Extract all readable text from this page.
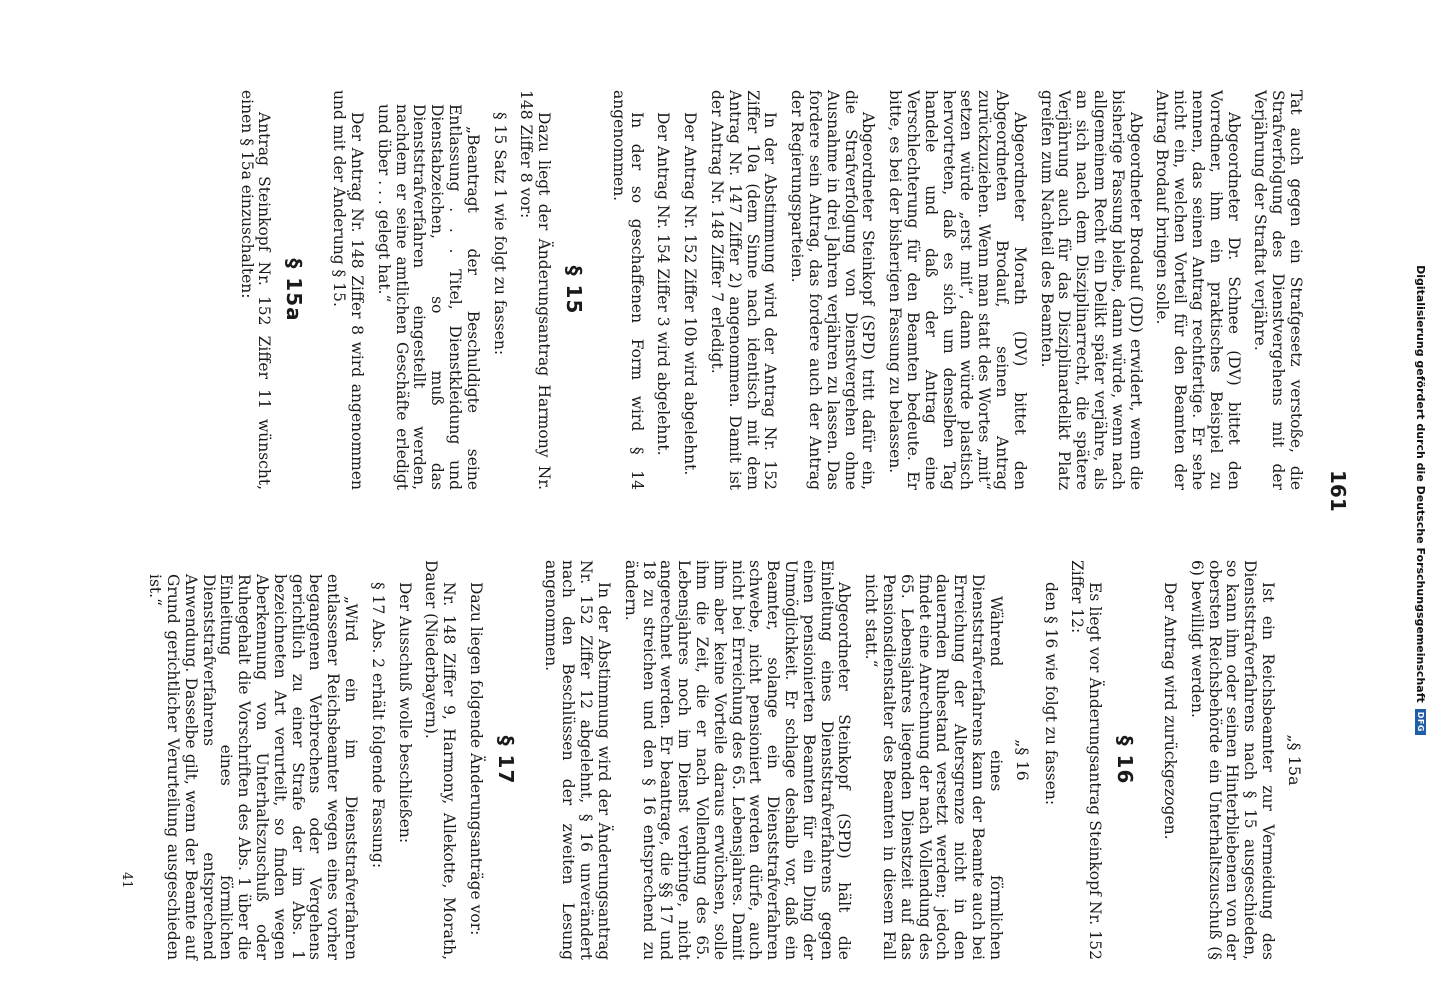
161

Tat auch gegen ein Strafgesetz verstoße, die Strafverfolgung des Dienstvergehens mit der Verjährung der Straftat verjähre.

Abgeordneter Dr. Schnee (DV) bittet den Vorredner, ihm ein praktisches Beispiel zu nennen, das seinen Antrag rechtfertige. Er sehe nicht ein, welchen Vorteil für den Beamten der Antrag Brodauf bringen solle.

Abgeordneter Brodauf (DD) erwidert, wenn die bisherige Fassung bleibe, dann würde, wenn nach allgemeinem Recht ein Delikt später verjähre, als an sich nach dem Disziplinarrecht, die spätere Verjährung auch für das Disziplinardelikt Platz greifen zum Nachteil des Beamten.

Abgeordneter Morath (DV) bittet den Abgeordneten Brodauf, seinen Antrag zurückzuziehen. Wenn man statt des Wortes „mit“ setzen würde „erst mit“, dann würde plastisch hervortreten, daß es sich um denselben Tag handele und daß der Antrag eine Verschlechterung für den Beamten bedeute. Er bitte, es bei der bisherigen Fassung zu belassen.

Abgeordneter Steinkopf (SPD) tritt dafür ein, die Strafverfolgung von Dienstvergehen ohne Ausnahme in drei Jahren verjähren zu lassen. Das fordere sein Antrag, das fordere auch der Antrag der Regierungsparteien.

In der Abstimmung wird der Antrag Nr. 152 Ziffer 10a (dem Sinne nach identisch mit dem Antrag Nr. 147 Ziffer 2) angenommen. Damit ist der Antrag Nr. 148 Ziffer 7 erledigt.

Der Antrag Nr. 152 Ziffer 10b wird abgelehnt.

Der Antrag Nr. 154 Ziffer 3 wird abgelehnt.

In der so geschaffenen Form wird § 14 angenommen.

§ 15

Dazu liegt der Änderungsantrag Harmony Nr. 148 Ziffer 8 vor:

§ 15 Satz 1 wie folgt zu fassen:

„Beantragt der Beschuldigte seine Entlassung . . . Titel, Dienstkleidung und Dienstabzeichen, so muß das Dienststrafverfahren eingestellt werden, nachdem er seine amtlichen Geschäfte erledigt und über . . . gelegt hat.“

Der Antrag Nr. 148 Ziffer 8 wird angenommen und mit der Änderung § 15.

§ 15a

Antrag Steinkopf Nr. 152 Ziffer 11 wünscht, einen § 15a einzuschalten:

„§ 15a

Ist ein Reichsbeamter zur Vermeidung des Dienststrafverfahrens nach § 15 ausgeschieden, so kann ihm oder seinen Hinterbliebenen von der obersten Reichsbehörde ein Unterhaltszuschuß (§ 6) bewilligt werden.

Der Antrag wird zurückgezogen.

§ 16

Es liegt vor Änderungsantrag Steinkopf Nr. 152 Ziffer 12:

den § 16 wie folgt zu fassen:

„§ 16

Während eines förmlichen Dienststrafverfahrens kann der Beamte auch bei Erreichung der Altersgrenze nicht in den dauernden Ruhestand versetzt werden; jedoch findet eine Anrechnung der nach Vollendung des 65. Lebensjahres liegenden Dienstzeit auf das Pensionsdienstalter des Beamten in diesem Fall nicht statt.“

Abgeordneter Steinkopf (SPD) hält die Einleitung eines Dienststrafverfahrens gegen einen pensionierten Beamten für ein Ding der Unmöglichkeit. Er schlage deshalb vor, daß ein Beamter, solange ein Dienststrafverfahren schwebe, nicht pensioniert werden dürfe, auch nicht bei Erreichung des 65. Lebensjahres. Damit ihm aber keine Vorteile daraus erwüchsen, solle ihm die Zeit, die er nach Vollendung des 65. Lebensjahres noch im Dienst verbringe, nicht angerechnet werden. Er beantrage, die §§ 17 und 18 zu streichen und den § 16 entsprechend zu ändern.

In der Abstimmung wird der Änderungsantrag Nr. 152 Ziffer 12 abgelehnt, § 16 unverändert nach den Beschlüssen der zweiten Lesung angenommen.

§ 17

Dazu liegen folgende Änderungsanträge vor:

Nr. 148 Ziffer 9, Harmony, Allekotte, Morath, Dauer (Niederbayern).

Der Ausschuß wolle beschließen:

§ 17 Abs. 2 erhält folgende Fassung:

„Wird ein im Dienststrafverfahren entlassener Reichsbeamter wegen eines vorher begangenen Verbrechens oder Vergehens gerichtlich zu einer Strafe der im Abs. 1 bezeichneten Art verurteilt, so finden wegen Aberkennung von Unterhaltszuschuß oder Ruhegehalt die Vorschriften des Abs. 1 über die Einleitung eines förmlichen Dienststrafverfahrens entsprechend Anwendung. Dasselbe gilt, wenn der Beamte auf Grund gerichtlicher Verurteilung ausgeschieden ist.“

41
Digitalisierung gefördert durch die Deutsche Forschungsgemeinschaft
DFG
